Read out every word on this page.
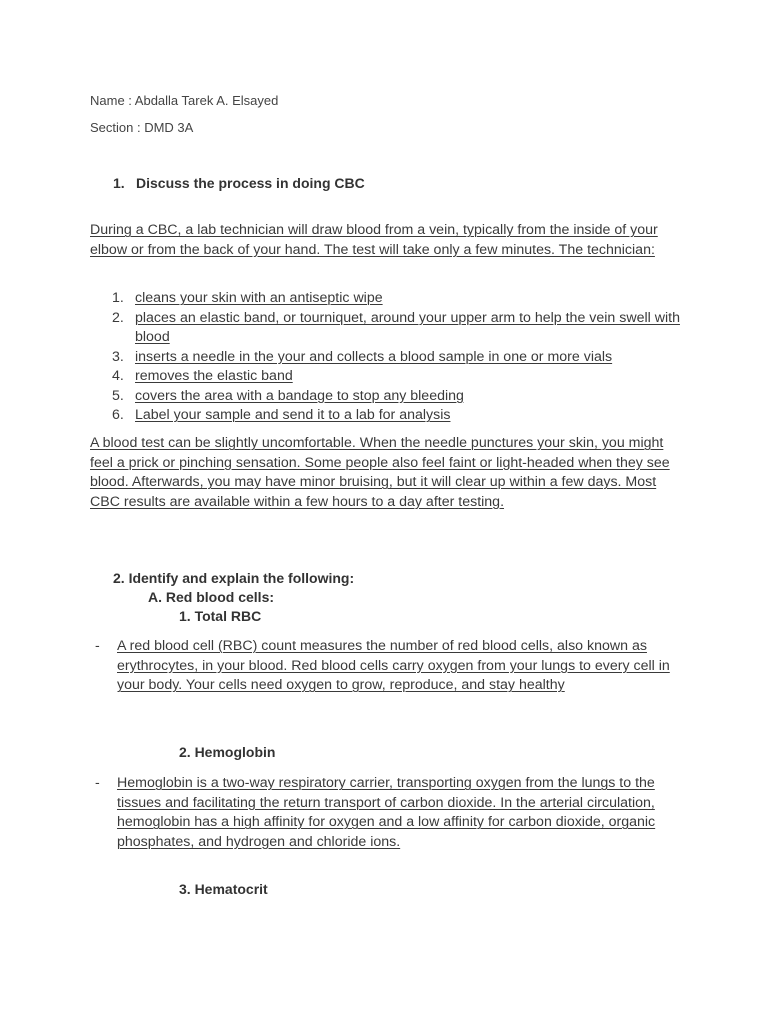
Name : Abdalla Tarek A. Elsayed
Section : DMD 3A
1. Discuss the process in doing CBC
During a CBC, a lab technician will draw blood from a vein, typically from the inside of your elbow or from the back of your hand. The test will take only a few minutes. The technician:
1. cleans your skin with an antiseptic wipe
2. places an elastic band, or tourniquet, around your upper arm to help the vein swell with blood
3. inserts a needle in the your and collects a blood sample in one or more vials
4. removes the elastic band
5. covers the area with a bandage to stop any bleeding
6. Label your sample and send it to a lab for analysis
A blood test can be slightly uncomfortable. When the needle punctures your skin, you might feel a prick or pinching sensation. Some people also feel faint or light-headed when they see blood. Afterwards, you may have minor bruising, but it will clear up within a few days. Most CBC results are available within a few hours to a day after testing.
2. Identify and explain the following:
A. Red blood cells:
1. Total RBC
- A red blood cell (RBC) count measures the number of red blood cells, also known as erythrocytes, in your blood. Red blood cells carry oxygen from your lungs to every cell in your body. Your cells need oxygen to grow, reproduce, and stay healthy
2. Hemoglobin
- Hemoglobin is a two-way respiratory carrier, transporting oxygen from the lungs to the tissues and facilitating the return transport of carbon dioxide. In the arterial circulation, hemoglobin has a high affinity for oxygen and a low affinity for carbon dioxide, organic phosphates, and hydrogen and chloride ions.
3. Hematocrit
